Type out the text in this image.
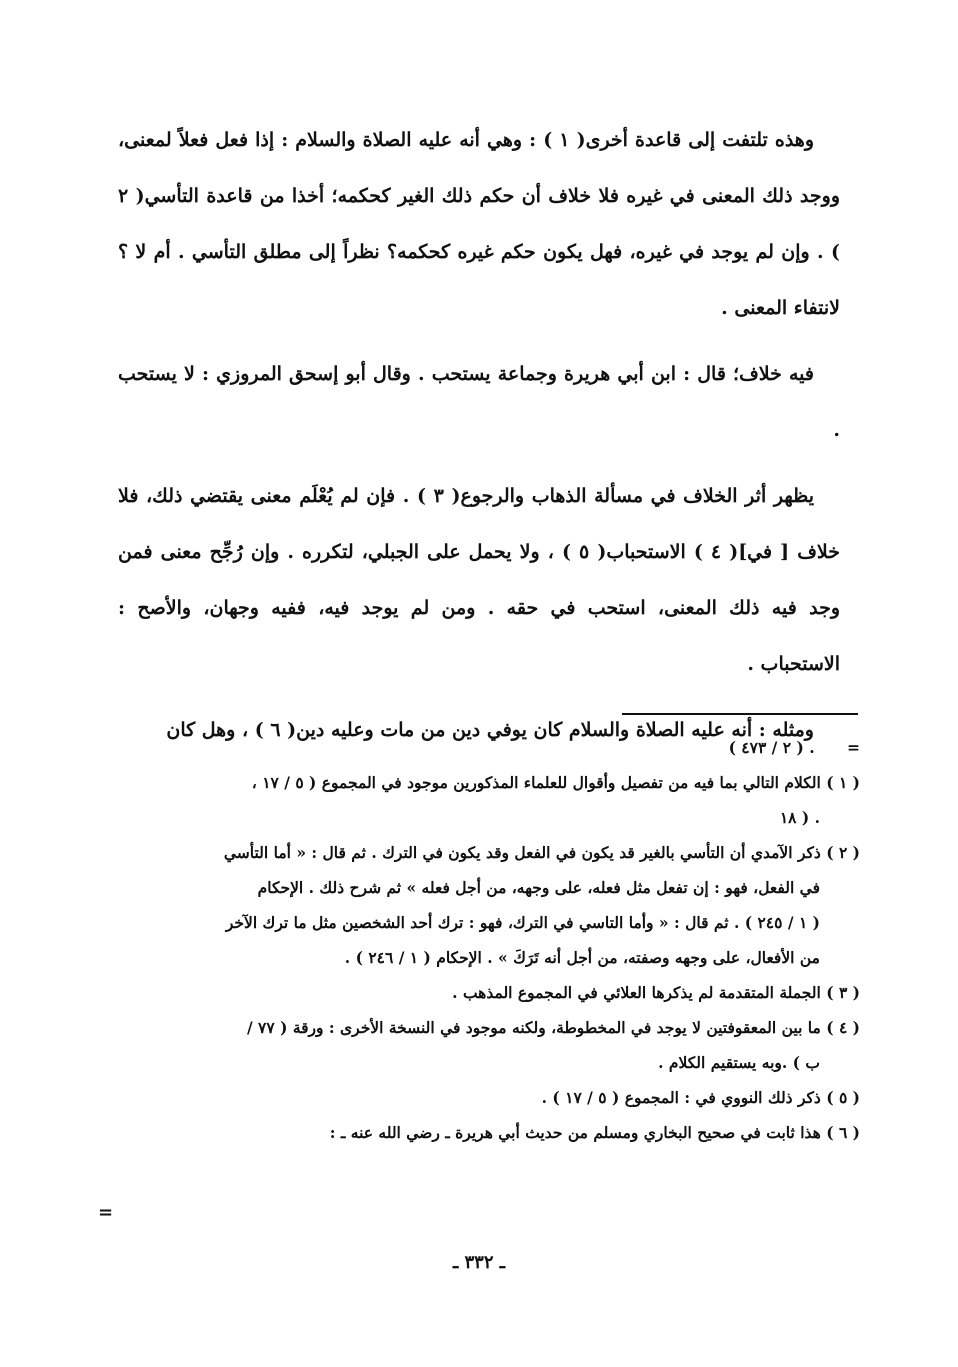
وهذه تلتفت إلى قاعدة أخرى( ١ ) : وهي أنه عليه الصلاة والسلام : إذا فعل فعلاً لمعنى، ووجد ذلك المعنى في غيره فلا خلاف أن حكم ذلك الغير كحكمه؛ أخذا من قاعدة التأسي( ٢ ) . وإن لم يوجد في غيره، فهل يكون حكم غيره كحكمه؟ نظراً إلى مطلق التأسي . أم لا ؟ لانتفاء المعنى .

فيه خلاف؛ قال : ابن أبي هريرة وجماعة يستحب . وقال أبو إسحق المروزي : لا يستحب .

يظهر أثر الخلاف في مسألة الذهاب والرجوع( ٣ ) . فإن لم يُعْلَم معنى يقتضي ذلك، فلا خلاف [ في]( ٤ ) الاستحباب( ٥ ) ، ولا يحمل على الجبلي، لتكرره . وإن رُجِّح معنى فمن وجد فيه ذلك المعنى، استحب في حقه . ومن لم يوجد فيه، ففيه وجهان، والأصح : الاستحباب .

ومثله : أنه عليه الصلاة والسلام كان يوفي دين من مات وعليه دين( ٦ ) ، وهل كان

=      . ( ٢ / ٤٧٣ )

( ١ ) الكلام التالي بما فيه من تفصيل وأقوال للعلماء المذكورين موجود في المجموع ( ٥ / ١٧ ،

. ( ١٨

( ٢ ) ذكر الآمدي أن التأسي بالغير قد يكون في الفعل وقد يكون في الترك . ثم قال : « أما التأسي

في الفعل، فهو : إن تفعل مثل فعله، على وجهه، من أجل فعله » ثم شرح ذلك . الإحكام

( ١ / ٢٤٥ ) . ثم قال : « وأما التاسي في الترك، فهو : ترك أحد الشخصين مثل ما ترك الآخر

من الأفعال، على وجهه وصفته، من أجل أنه تَرَكَ » . الإحكام ( ١ / ٢٤٦ ) .

( ٣ ) الجملة المتقدمة لم يذكرها العلائي في المجموع المذهب .

( ٤ ) ما بين المعقوفتين لا يوجد في المخطوطة، ولكنه موجود في النسخة الأخرى : ورقة ( ٧٧ /

ب ) .وبه يستقيم الكلام .

( ٥ ) ذكر ذلك النووي في : المجموع ( ٥ / ١٧ ) .

( ٦ ) هذا ثابت في صحيح البخاري ومسلم من حديث أبي هريرة ـ رضي الله عنه ـ :

=
ـ ٣٣٢ ـ
